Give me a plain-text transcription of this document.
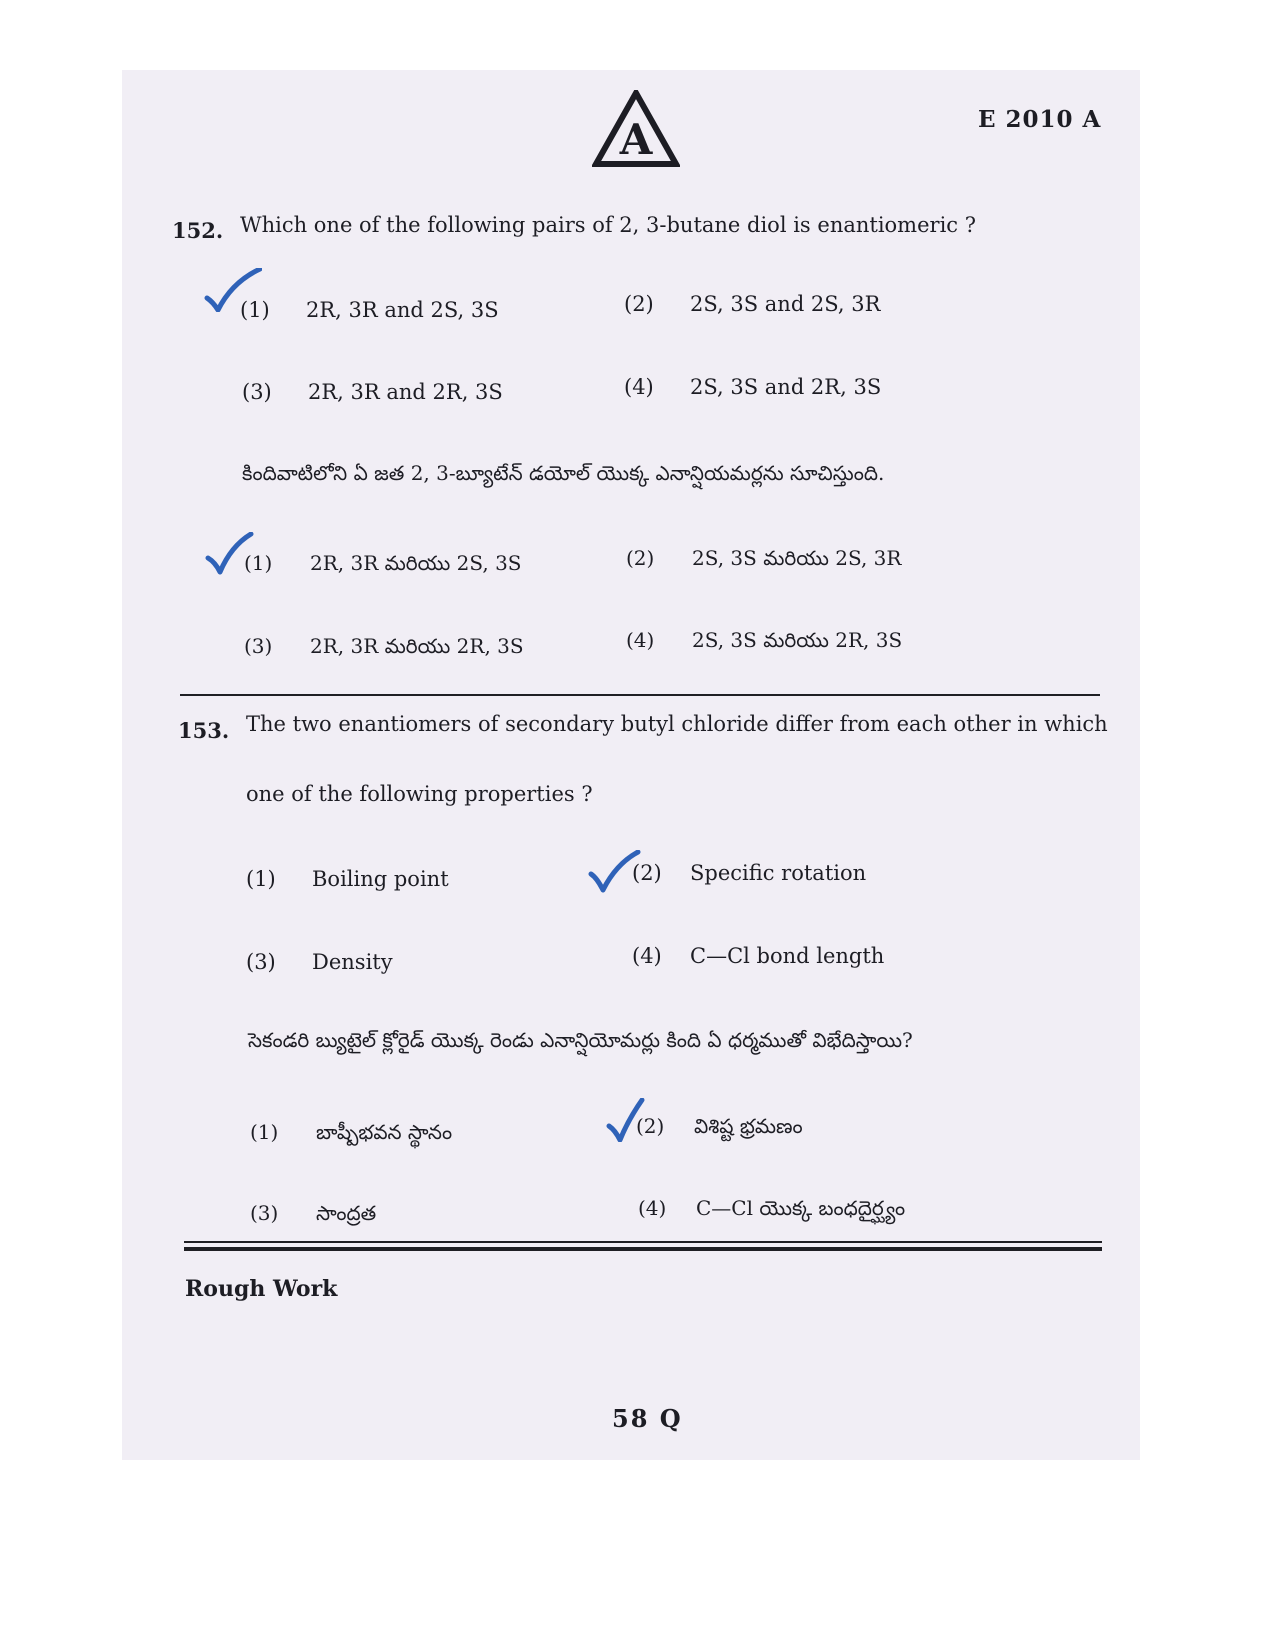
A	E 2010 A
152. Which one of the following pairs of 2, 3-butane diol is enantiomeric ?
(1) 2R, 3R and 2S, 3S	(2) 2S, 3S and 2S, 3R
(3) 2R, 3R and 2R, 3S	(4) 2S, 3S and 2R, 3S
కిందివాటిలోని ఏ జత 2, 3-బ్యూటేన్ డయోల్ యొక్క ఎనాన్షియమర్లను సూచిస్తుంది.
(1) 2R, 3R మరియు 2S, 3S	(2) 2S, 3S మరియు 2S, 3R
(3) 2R, 3R మరియు 2R, 3S	(4) 2S, 3S మరియు 2R, 3S
153. The two enantiomers of secondary butyl chloride differ from each other in which
one of the following properties ?
(1) Boiling point	(2) Specific rotation
(3) Density	(4) C—Cl bond length
సెకండరి బ్యుటైల్ క్లోరైడ్ యొక్క రెండు ఎనాన్షియోమర్లు కింది ఏ ధర్మముతో విభేదిస్తాయి?
(1) బాష్పీభవన స్థానం	(2) విశిష్ట భ్రమణం
(3) సాంద్రత	(4) C—Cl యొక్క బంధదైర్ఘ్యం
Rough Work
58 Q
